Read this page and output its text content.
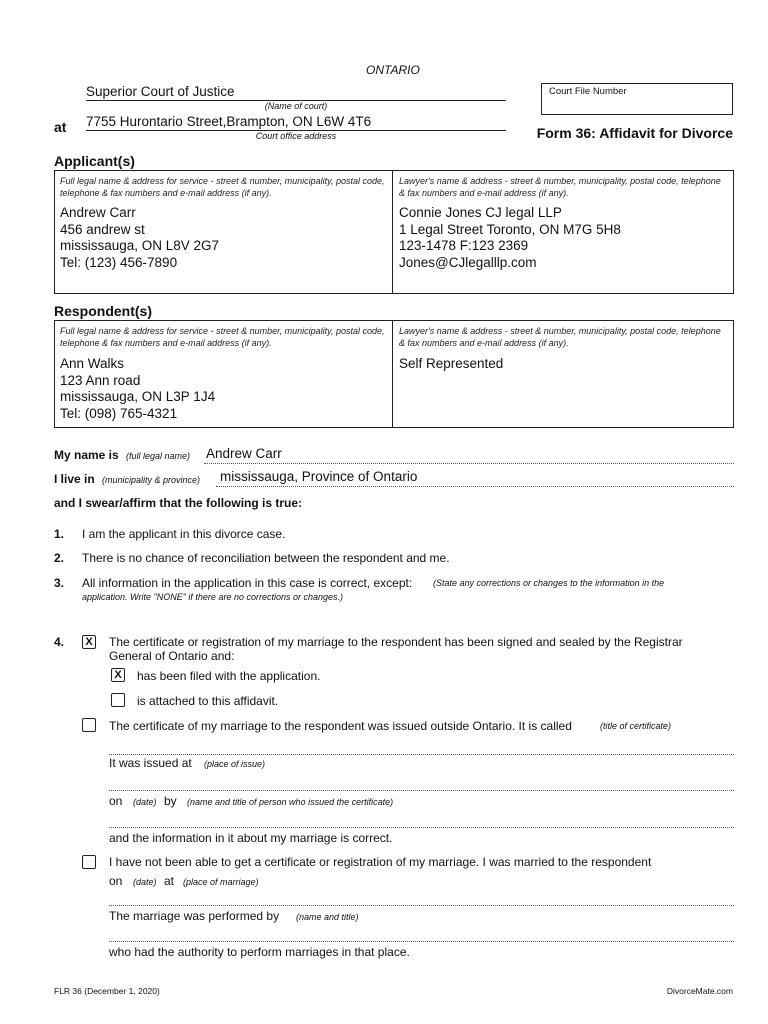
ONTARIO
Superior Court of Justice
(Name of court)
at 7755 Hurontario Street,Brampton, ON L6W 4T6
Court office address
Court File Number
Form 36: Affidavit for Divorce
Applicant(s)
Full legal name & address for service - street & number, municipality, postal code, telephone & fax numbers and e-mail address (if any).
Andrew Carr
456 andrew st
mississauga, ON L8V 2G7
Tel: (123) 456-7890
Lawyer's name & address - street & number, municipality, postal code, telephone & fax numbers and e-mail address (if any).
Connie Jones CJ legal LLP
1 Legal Street Toronto, ON M7G 5H8
123-1478 F:123 2369
Jones@CJlegalllp.com
Respondent(s)
Full legal name & address for service - street & number, municipality, postal code, telephone & fax numbers and e-mail address (if any).
Ann Walks
123 Ann road
mississauga, ON L3P 1J4
Tel: (098) 765-4321
Lawyer's name & address - street & number, municipality, postal code, telephone & fax numbers and e-mail address (if any).
Self Represented
My name is (full legal name) Andrew Carr
I live in (municipality & province) mississauga, Province of Ontario
and I swear/affirm that the following is true:
1. I am the applicant in this divorce case.
2. There is no chance of reconciliation between the respondent and me.
3. All information in the application in this case is correct, except: (State any corrections or changes to the information in the
application. Write "NONE" if there are no corrections or changes.)
4.	X The certificate or registration of my marriage to the respondent has been signed and sealed by the Registrar
General of Ontario and:
X has been filed with the application.
is attached to this affidavit.
The certificate of my marriage to the respondent was issued outside Ontario. It is called	(title of certificate)
It was issued at (place of issue)
on (date) by (name and title of person who issued the certificate)
and the information in it about my marriage is correct.
I have not been able to get a certificate or registration of my marriage. I was married to the respondent
on (date) at (place of marriage)
The marriage was performed by (name and title)
who had the authority to perform marriages in that place.
FLR 36 (December 1, 2020)	DivorceMate.com
